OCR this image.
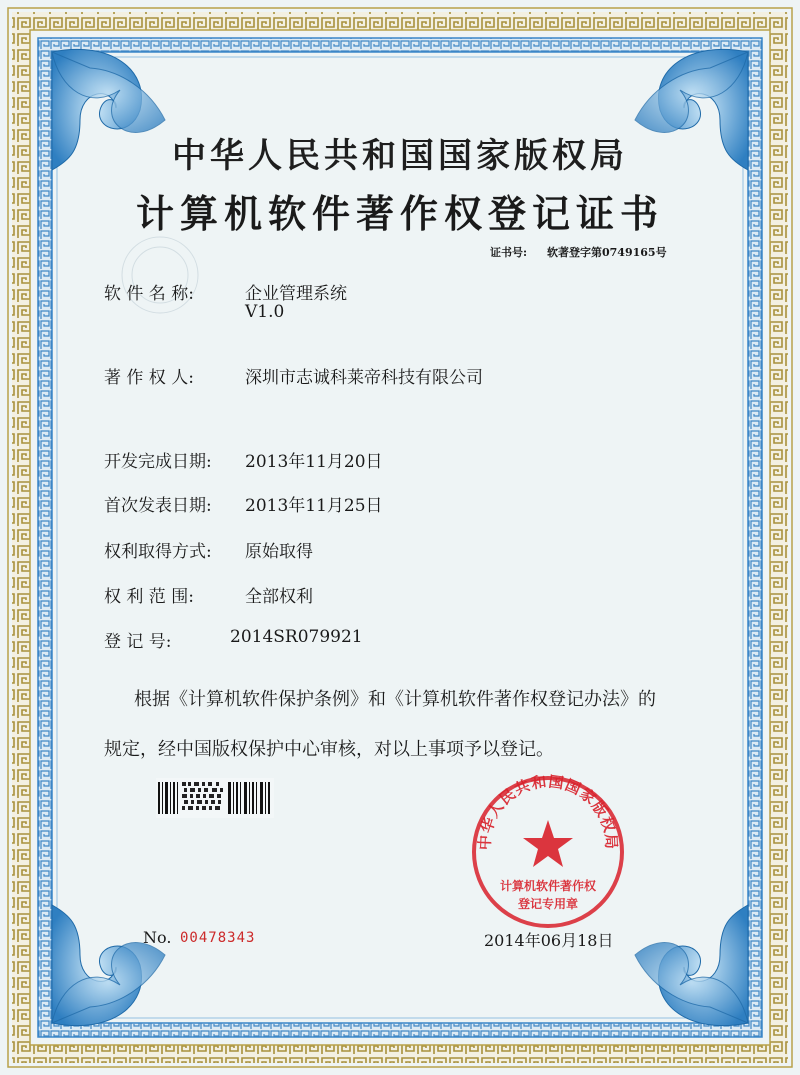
中华人民共和国国家版权局
计算机软件著作权登记证书
证书号: 软著登字第0749165号
软 件 名 称:	企业管理系统
V1.0
著 作 权 人:	深圳市志诚科莱帝科技有限公司
开发完成日期: 2013年11月20日
首次发表日期: 2013年11月25日
权利取得方式: 原始取得
权 利 范 围:	全部权利
登 记 号:	2014SR079921
根据《计算机软件保护条例》和《计算机软件著作权登记办法》的
规定，经中国版权保护中心审核，对以上事项予以登记。
中华人民共和国国家版权局
计算机软件著作权
登记专用章
No. 00478343	2014年06月18日
